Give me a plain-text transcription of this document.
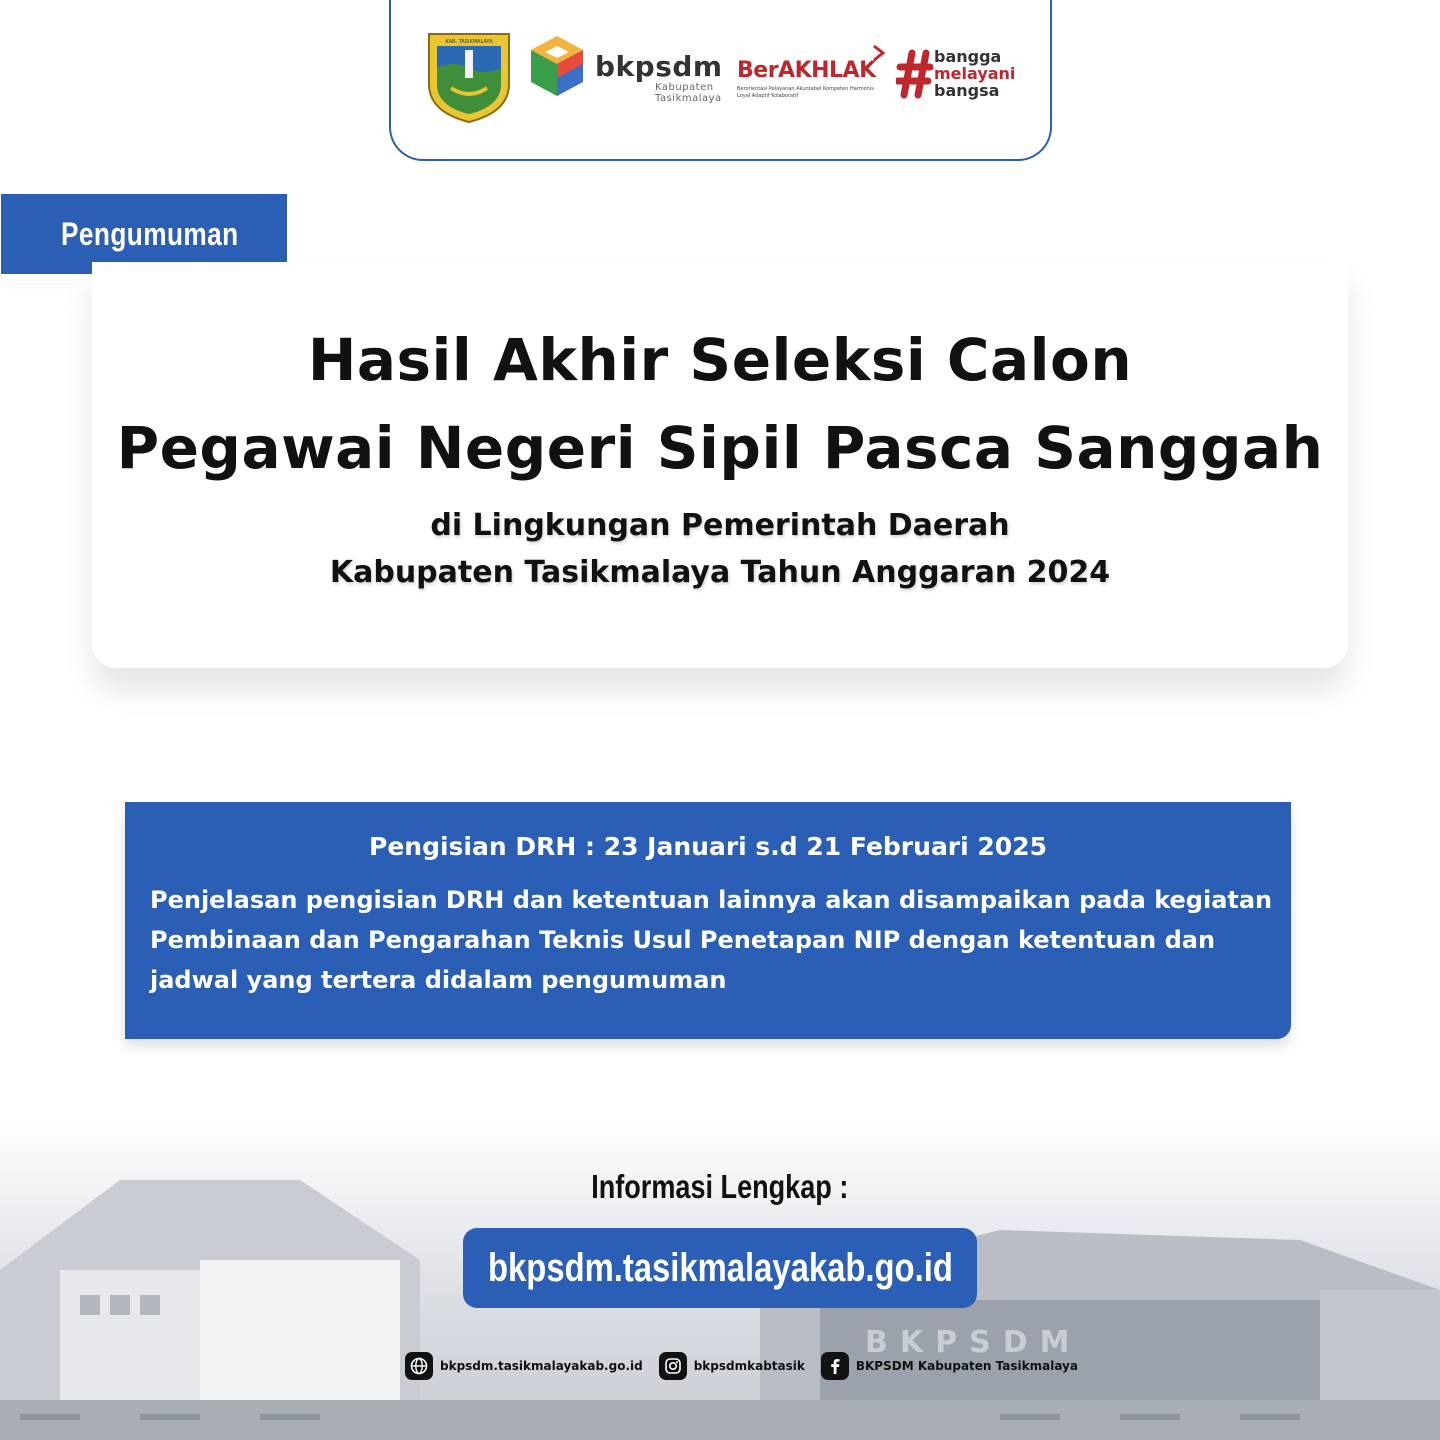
BKPSDM
KAB. TASIKMALAYA
bkpsdm
Kabupaten Tasikmalaya
BerAKHLAK
Berorientasi Pelayanan Akuntabel Kompeten Harmonis Loyal Adaptif Kolaboratif
bangga
melayani
bangsa
Pengumuman
Hasil Akhir Seleksi Calon
Pegawai Negeri Sipil Pasca Sanggah
di Lingkungan Pemerintah Daerah
Kabupaten Tasikmalaya Tahun Anggaran 2024
Pengisian DRH : 23 Januari s.d 21 Februari 2025
Penjelasan pengisian DRH dan ketentuan lainnya akan disampaikan pada kegiatan
Pembinaan dan Pengarahan Teknis Usul Penetapan NIP dengan ketentuan dan
jadwal yang tertera didalam pengumuman
Informasi Lengkap :
bkpsdm.tasikmalayakab.go.id
bkpsdm.tasikmalayakab.go.id	bkpsdmkabtasik	BKPSDM Kabupaten Tasikmalaya
